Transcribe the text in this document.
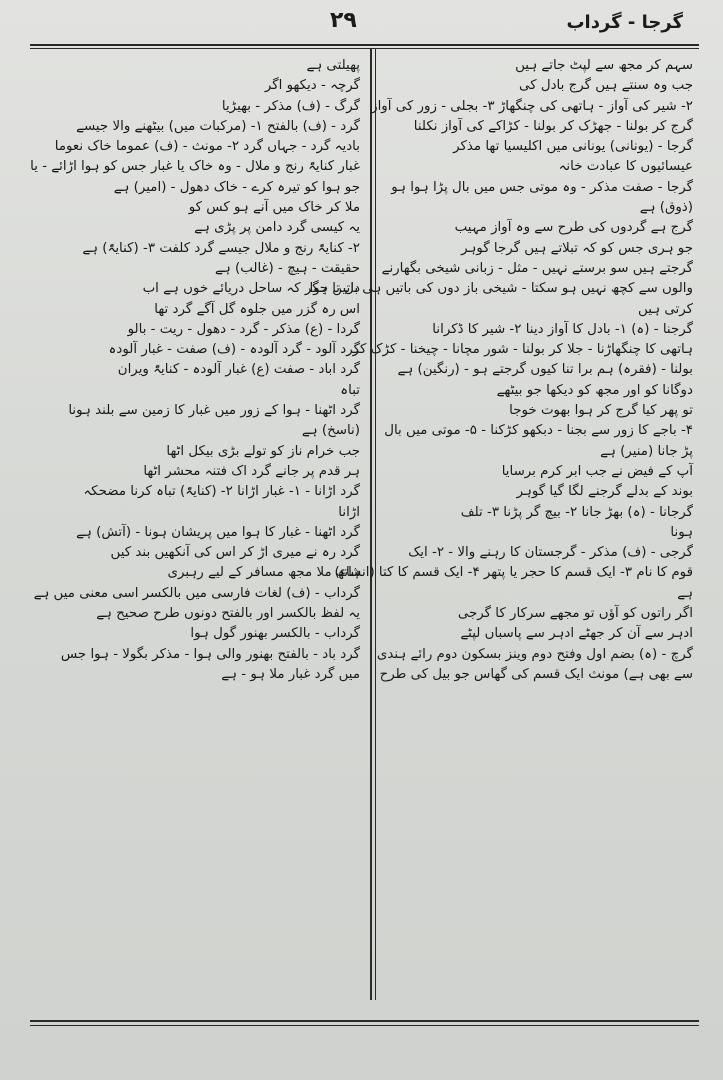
۲۹	گرجا - گرداب
سہم کر مجھ سے لپٹ جاتے ہیں
جب وہ سنتے ہیں گرج بادل کی
۲- شیر کی آواز - ہاتھی کی چنگھاڑ ۳- بجلی - زور کی آواز
گرج کر بولنا - جھڑک کر بولنا - کڑاکے کی آواز نکلنا
گرجا - (یونانی) یونانی میں اکلیسیا تھا مذکر
عیسائیوں کا عبادت خانہ
گرجا - صفت مذکر - وہ موتی جس میں بال پڑا ہوا ہو
(ذوق) ہے
گرج ہے گردوں کی طرح سے وہ آواز مہیب
جو ہری جس کو کہ تبلاتے ہیں گرجا گوہر
گرجتے ہیں سو برستے نہیں - مثل - زبانی شیخی بگھارنے
والوں سے کچھ نہیں ہو سکتا - شیخی باز دوں کی باتیں ہی باتیں ہوا
کرتی ہیں
گرجنا - (ہ) ۱- بادل کا آواز دینا ۲- شیر کا ڈکرانا
ہاتھی کا چنگھاڑنا - جلا کر بولنا - شور مچانا - چیخنا - کڑک کر
بولنا - (فقرہ) ہم برا تنا کیوں گرجتے ہو - (رنگین) ہے
دوگانا کو اور مجھ کو دیکھا جو بیٹھے
تو پھر کیا گرج کر ہوا بھوت خوجا
۴- باجے کا زور سے بجنا - دبکھو کڑکنا - ۵- موتی میں بال
پڑ جانا (منیر) ہے
آپ کے فیض نے جب ابر کرم برسایا
بوند کے بدلے گرجنے لگا گیا گوہر
گرجانا - (ہ) بھڑ جانا ۲- بیچ گر پڑنا ۳- تلف
ہونا
گرجی - (ف) مذکر - گرجستان کا رہنے والا - ۲- ایک
قوم کا نام ۳- ایک قسم کا حجر یا پتھر ۴- ایک قسم کا کتا (انشاء)
ہے
اگر راتوں کو آؤں تو مجھے سرکار کا گرجی
ادہر سے آن کر جھٹے ادہر سے پاسباں لپٹے
گرچ - (ہ) بضم اول وفتح دوم وینز بسکون دوم رائے ہندی
سے بھی ہے) مونث ایک قسم کی گھاس جو بیل کی طرح
پھیلتی ہے
گرچہ - دیکھو اگر
گرگ - (ف) مذکر - بھیڑیا
گرد - (ف) بالفتح ۱- (مرکبات میں) بیٹھنے والا جیسے
بادیہ گرد - جہاں گرد ۲- مونث - (ف) عموما خاک نعوما
غبار کنایۃً رنج و ملال - وہ خاک یا غبار جس کو ہوا اڑائے - یا
جو ہوا کو تیرہ کرے - خاک دھول - (امیر) ہے
ملا کر خاک میں آنے ہو کس کو
یہ کیسی گرد دامن پر پڑی ہے
۲- کنایۃً رنج و ملال جیسے گرد کلفت ۳- (کنایۃً) ہے
حقیقت - ہیچ - (غالب) ہے
دل تا جگر کہ ساحل دریائے خوں ہے اب
اس رہ گزر میں جلوہ گل آگے گرد تھا
گردا - (ع) مذکر - گرد - دھول - ریت - بالو
گرد آلود - گرد آلودہ - (ف) صفت - غبار آلودہ
گرد اباد - صفت (ع) غبار آلودہ - کنایۃً ویران
تباہ
گرد اٹھنا - ہوا کے زور میں غبار کا زمین سے بلند ہونا
(ناسخ) ہے
جب خرام ناز کو تولے بڑی بیکل اٹھا
ہر قدم پر جانے گرد اک فتنہ محشر اٹھا
گرد اڑانا - ۱- غبار اڑانا ۲- (کنایۃً) تباہ کرنا مضحکہ
اڑانا
گرد اٹھنا - غبار کا ہوا میں پریشان ہونا - (آتش) ہے
گرد رہ نے میری اڑ کر اس کی آنکھیں بند کیں
ہاتھ ملا مجھ مسافر کے لیے رہبری
گرداب - (ف) لغات فارسی میں بالکسر اسی معنی میں ہے
یہ لفظ بالکسر اور بالفتح دونوں طرح صحیح ہے
گرداب - بالکسر بھنور گول ہوا
گرد باد - بالفتح بھنور والی ہوا - مذکر بگولا - ہوا جس
میں گرد غبار ملا ہو - ہے
